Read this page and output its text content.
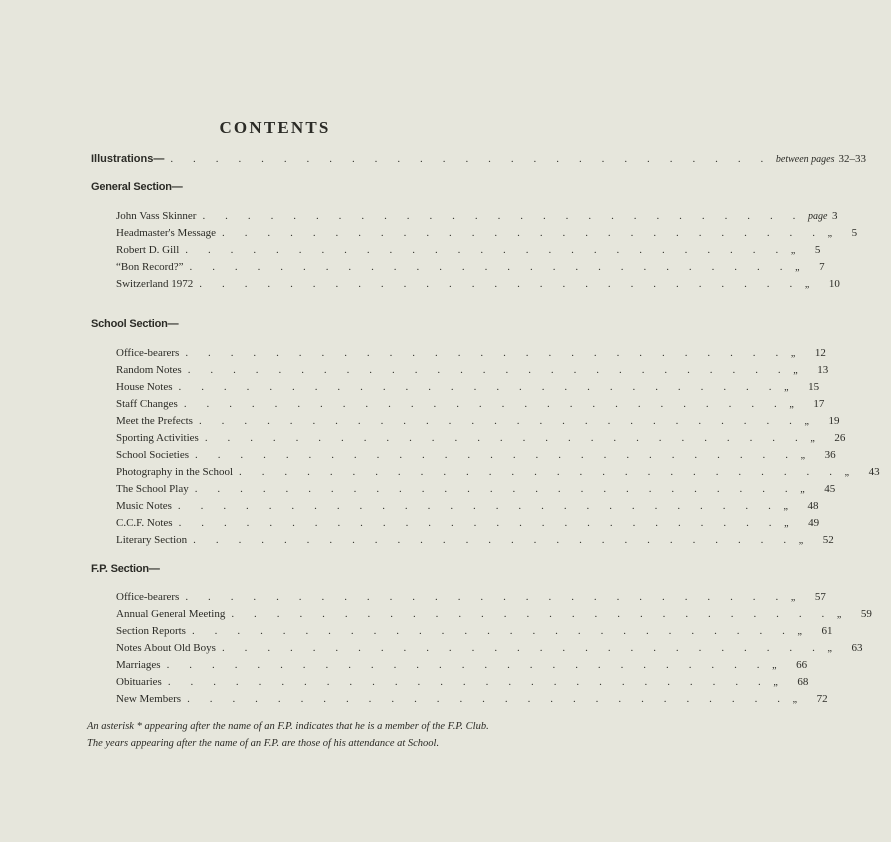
CONTENTS
Illustrations— . . . . . . . . . . . . . . . . . . . . . . . . . . . between pages 32–33
General Section—
John Vass Skinner . . . . . . . . . . . . . . . . . . . . . . . . . . . page 3
Headmaster's Message . . . . . . . . . . . . . . . . . . . . . . . . . . . „	5
Robert D. Gill . . . . . . . . . . . . . . . . . . . . . . . . . . . „	5
“Bon Record?” . . . . . . . . . . . . . . . . . . . . . . . . . . . „	7
Switzerland 1972 . . . . . . . . . . . . . . . . . . . . . . . . . . . „	10
School Section—
Office-bearers . . . . . . . . . . . . . . . . . . . . . . . . . . . „	12
Random Notes . . . . . . . . . . . . . . . . . . . . . . . . . . . „	13
House Notes . . . . . . . . . . . . . . . . . . . . . . . . . . . „	15
Staff Changes . . . . . . . . . . . . . . . . . . . . . . . . . . . „	17
Meet the Prefects . . . . . . . . . . . . . . . . . . . . . . . . . . . „	19
Sporting Activities . . . . . . . . . . . . . . . . . . . . . . . . . . . „	26
School Societies . . . . . . . . . . . . . . . . . . . . . . . . . . . „	36
Photography in the School . . . . . . . . . . . . . . . . . . . . . . . . . . . „	43
The School Play . . . . . . . . . . . . . . . . . . . . . . . . . . . „	45
Music Notes . . . . . . . . . . . . . . . . . . . . . . . . . . . „	48
C.C.F. Notes . . . . . . . . . . . . . . . . . . . . . . . . . . . „	49
Literary Section . . . . . . . . . . . . . . . . . . . . . . . . . . . „	52
F.P. Section—
Office-bearers . . . . . . . . . . . . . . . . . . . . . . . . . . . „	57
Annual General Meeting . . . . . . . . . . . . . . . . . . . . . . . . . . . „	59
Section Reports . . . . . . . . . . . . . . . . . . . . . . . . . . . „	61
Notes About Old Boys . . . . . . . . . . . . . . . . . . . . . . . . . . . „	63
Marriages . . . . . . . . . . . . . . . . . . . . . . . . . . . „	66
Obituaries . . . . . . . . . . . . . . . . . . . . . . . . . . . „	68
New Members . . . . . . . . . . . . . . . . . . . . . . . . . . . „	72
An asterisk * appearing after the name of an F.P. indicates that he is a member of the F.P. Club. The years appearing after the name of an F.P. are those of his attendance at School.
